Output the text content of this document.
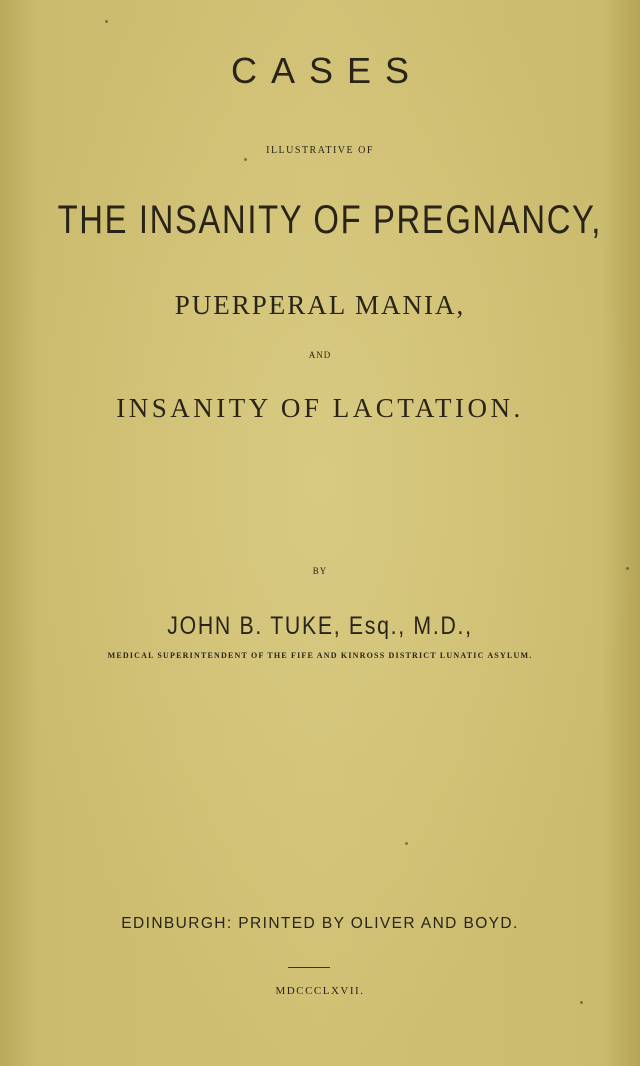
CASES
ILLUSTRATIVE OF
THE INSANITY OF PREGNANCY,
PUERPERAL MANIA,
AND
INSANITY OF LACTATION.
BY
JOHN B. TUKE, Esq., M.D.,
MEDICAL SUPERINTENDENT OF THE FIFE AND KINROSS DISTRICT LUNATIC ASYLUM.
EDINBURGH: PRINTED BY OLIVER AND BOYD.
MDCCCLXVII.
